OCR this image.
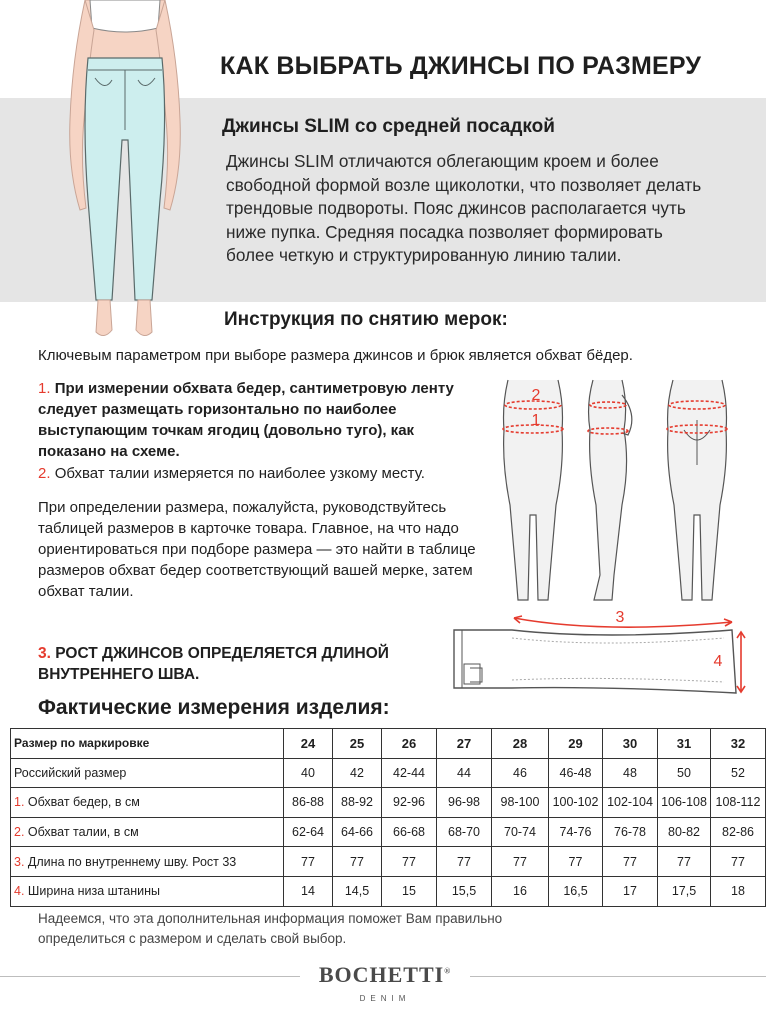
КАК ВЫБРАТЬ ДЖИНСЫ ПО РАЗМЕРУ
Джинсы SLIM со средней посадкой
Джинсы SLIM отличаются облегающим кроем и более свободной формой возле щиколотки, что позволяет делать трендовые подвороты. Пояс джинсов располагается чуть ниже пупка. Средняя посадка позволяет формировать более четкую и структурированную линию талии.
Инструкция по снятию мерок:
Ключевым параметром при выборе размера джинсов и брюк является обхват бёдер.
1. При измерении обхвата бедер, сантиметровую ленту следует размещать горизонтально по наиболее выступающим точкам ягодиц (довольно туго), как показано на схеме.
2. Обхват талии измеряется по наиболее узкому месту.
При определении размера, пожалуйста, руководствуйтесь таблицей размеров в карточке товара. Главное, на что надо ориентироваться при подборе размера — это найти в таблице размеров обхват бедер соответствующий вашей мерке, затем обхват талии.
2
1
3
4
3. РОСТ ДЖИНСОВ ОПРЕДЕЛЯЕТСЯ ДЛИНОЙ ВНУТРЕННЕГО ШВА.
Фактические измерения изделия:
Размер по маркировке	24	25	26	27	28	29	30	31	32
Российский размер	40	42	42-44	44	46	46-48	48	50	52
1. Обхват бедер, в см	86-88	88-92	92-96	96-98	98-100	100-102	102-104	106-108	108-112
2. Обхват талии, в см	62-64	64-66	66-68	68-70	70-74	74-76	76-78	80-82	82-86
3. Длина по внутреннему шву. Рост 33	77	77	77	77	77	77	77	77	77
4. Ширина низа штанины	14	14,5	15	15,5	16	16,5	17	17,5	18
Надеемся, что эта дополнительная информация поможет Вам правильно определиться с размером и сделать свой выбор.
BOCHETTI®
DENIM
